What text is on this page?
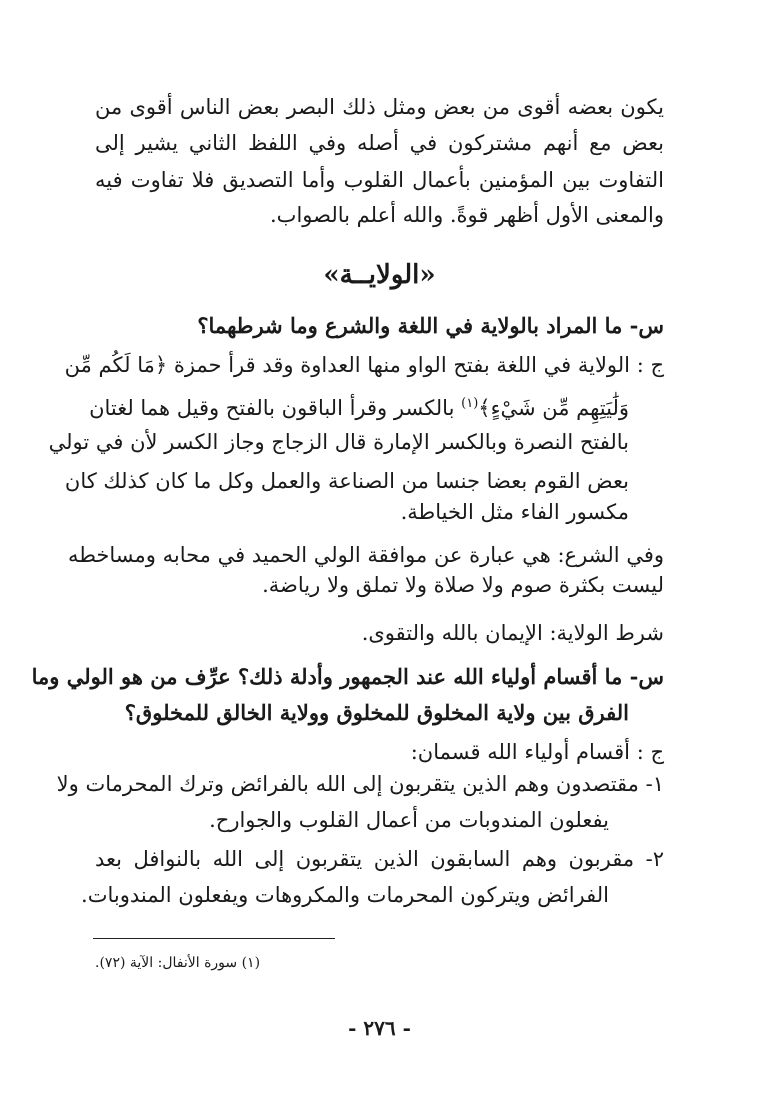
يكون بعضه أقوى من بعض ومثل ذلك البصر بعض الناس أقوى من
بعض مع أنهم مشتركون في أصله وفي اللفظ الثاني يشير إلى
التفاوت بين المؤمنين بأعمال القلوب وأما التصديق فلا تفاوت فيه
والمعنى الأول أظهر قوةً. والله أعلم بالصواب.
«الولايــة»
س- ما المراد بالولاية في اللغة والشرع وما شرطهما؟
ج : الولاية في اللغة بفتح الواو منها العداوة وقد قرأ حمزة ﴿مَا لَكُم مِّن
وَلَٰيَتِهِم مِّن شَيْءٍ﴾$^{(١)}$ بالكسر وقرأ الباقون بالفتح وقيل هما لغتان
بالفتح النصرة وبالكسر الإمارة قال الزجاج وجاز الكسر لأن في تولي
بعض القوم بعضا جنسا من الصناعة والعمل وكل ما كان كذلك كان
مكسور الفاء مثل الخياطة.
وفي الشرع: هي عبارة عن موافقة الولي الحميد في محابه ومساخطه
ليست بكثرة صوم ولا صلاة ولا تملق ولا رياضة.
شرط الولاية: الإيمان بالله والتقوى.
س- ما أقسام أولياء الله عند الجمهور وأدلة ذلك؟ عرِّف من هو الولي وما
الفرق بين ولاية المخلوق للمخلوق وولاية الخالق للمخلوق؟
ج : أقسام أولياء الله قسمان:
١- مقتصدون وهم الذين يتقربون إلى الله بالفرائض وترك المحرمات ولا
يفعلون المندوبات من أعمال القلوب والجوارح.
٢- مقربون وهم السابقون الذين يتقربون إلى الله بالنوافل بعد
الفرائض ويتركون المحرمات والمكروهات ويفعلون المندوبات.
(١) سورة الأنفال: الآية (٧٢).
- ٢٧٦ -
